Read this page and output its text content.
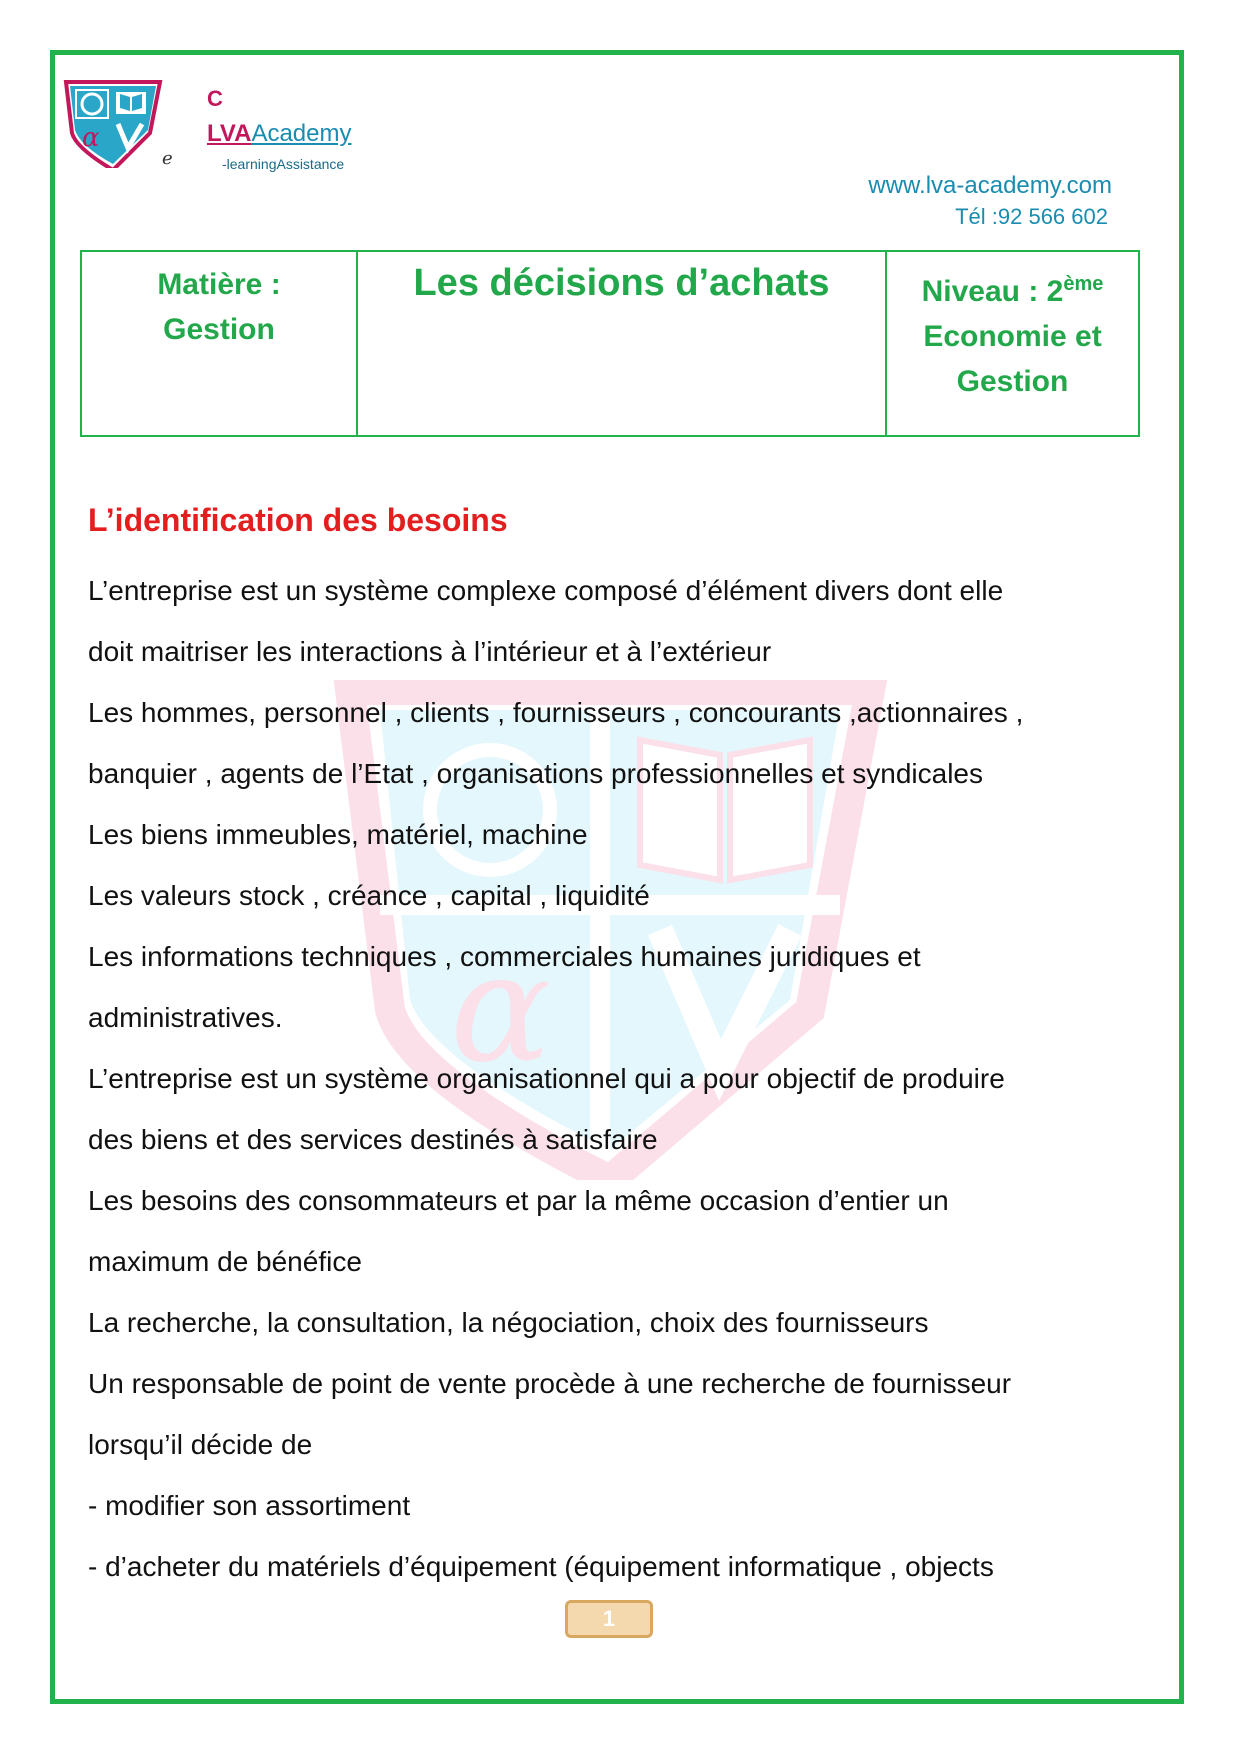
α
C
LVAAcademy
e	-learningAssistance
www.lva-academy.com
Tél :92 566 602
Matière :
Gestion
Les décisions d’achats	Niveau : 2ème
Economie et
Gestion
α
L’identification des besoins
L’entreprise est un système complexe composé d’élément divers dont elle
doit maitriser les interactions à l’intérieur et à l’extérieur
Les hommes, personnel , clients , fournisseurs , concourants ,actionnaires ,
banquier , agents de l’Etat , organisations professionnelles et syndicales
Les biens immeubles, matériel, machine
Les valeurs stock , créance , capital , liquidité
Les informations techniques , commerciales humaines juridiques et
administratives.
L’entreprise est un système organisationnel qui a pour objectif de produire
des biens et des services destinés à satisfaire
Les besoins des consommateurs et par la même occasion d’entier un
maximum de bénéfice
La recherche, la consultation, la négociation, choix des fournisseurs
Un responsable de point de vente procède à une recherche de fournisseur
lorsqu’il décide de
- modifier son assortiment
- d’acheter du matériels d’équipement (équipement informatique , objects
1
